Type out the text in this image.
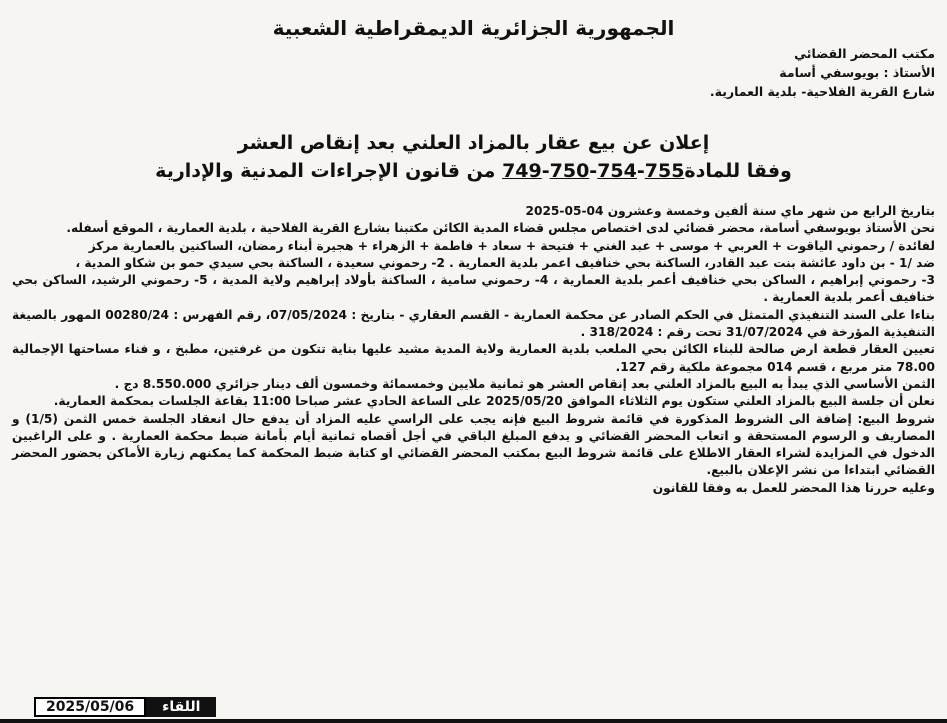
الجمهورية الجزائرية الديمقراطية الشعبية
مكتب المحضر القضائي
الأستاذ : بويوسفي أسامة
شارع القرية الفلاحية- بلدية العمارية.
إعلان عن بيع عقار بالمزاد العلني بعد إنقاص العشر
وفقا للمادة749-750-754-755 من قانون الإجراءات المدنية والإدارية

بتاريخ الرابع من شهر ماي سنة ألفين وخمسة وعشرون 04-05-2025

نحن الأستاذ بويوسفي أسامة، محضر قضائي لدى اختصاص مجلس قضاء المدية الكائن مكتبنا بشارع القرية الفلاحية ، بلدية العمارية ، الموقع أسفله.

لفائدة / رحموني الياقوت + العربي + موسى + عبد الغني + فتيحة + سعاد + فاطمة + الزهراء + هجيرة أبناء رمضان، الساكنين بالعمارية مركز

ضد /1 - بن داود عائشة بنت عبد القادر، الساكنة بحي خنافيف اعمر بلدية العمارية . 2- رحموني سعيدة ، الساكنة بحي سيدي حمو بن شكاو المدية ،

3- رحموني إبراهيم ، الساكن بحي خنافيف أعمر بلدية العمارية ، 4- رحموني سامية ، الساكنة بأولاد إبراهيم ولاية المدية ، 5- رحموني الرشيد، الساكن بحي خنافيف أعمر بلدية العمارية .

بناءا على السند التنفيذي المتمثل في الحكم الصادر عن محكمة العمارية - القسم العقاري - بتاريخ : 07/05/2024، رقم الفهرس : 00280/24 المهور بالصيغة التنفيذية المؤرخة في 31/07/2024 تحت رقم : 318/2024 .

تعيين العقار قطعة ارض صالحة للبناء الكائن بحي الملعب بلدية العمارية ولاية المدية مشيد عليها بناية تتكون من غرفتين، مطبخ ، و فناء مساحتها الإجمالية 78.00 متر مربع ، قسم 014 مجموعة ملكية رقم 127.

الثمن الأساسي الذي يبدأ به البيع بالمزاد العلني بعد إنقاص العشر هو ثمانية ملايين وخمسمائة وخمسون ألف دينار جزائري 8.550.000 دج .

نعلن أن جلسة البيع بالمزاد العلني ستكون يوم الثلاثاء الموافق 2025/05/20 على الساعة الحادي عشر صباحا 11:00 بقاعة الجلسات بمحكمة العمارية.

شروط البيع: إضافة الى الشروط المذكورة في قائمة شروط البيع فإنه يجب على الراسي عليه المزاد أن يدفع حال انعقاد الجلسة خمس الثمن (1/5) و المصاريف و الرسوم المستحقة و اتعاب المحضر القضائي و يدفع المبلغ الباقي في أجل أقصاه ثمانية أيام بأمانة ضبط محكمة العمارية . و على الراغبين الدخول في المزايدة لشراء العقار الاطلاع على قائمة شروط البيع بمكتب المحضر القضائي او كتابة ضبط المحكمة كما يمكنهم زيارة الأماكن بحضور المحضر القضائي ابتداءا من نشر الإعلان بالبيع.

وعليه حررنا هذا المحضر للعمل به وفقا للقانون

2025/05/06	اللقاء
